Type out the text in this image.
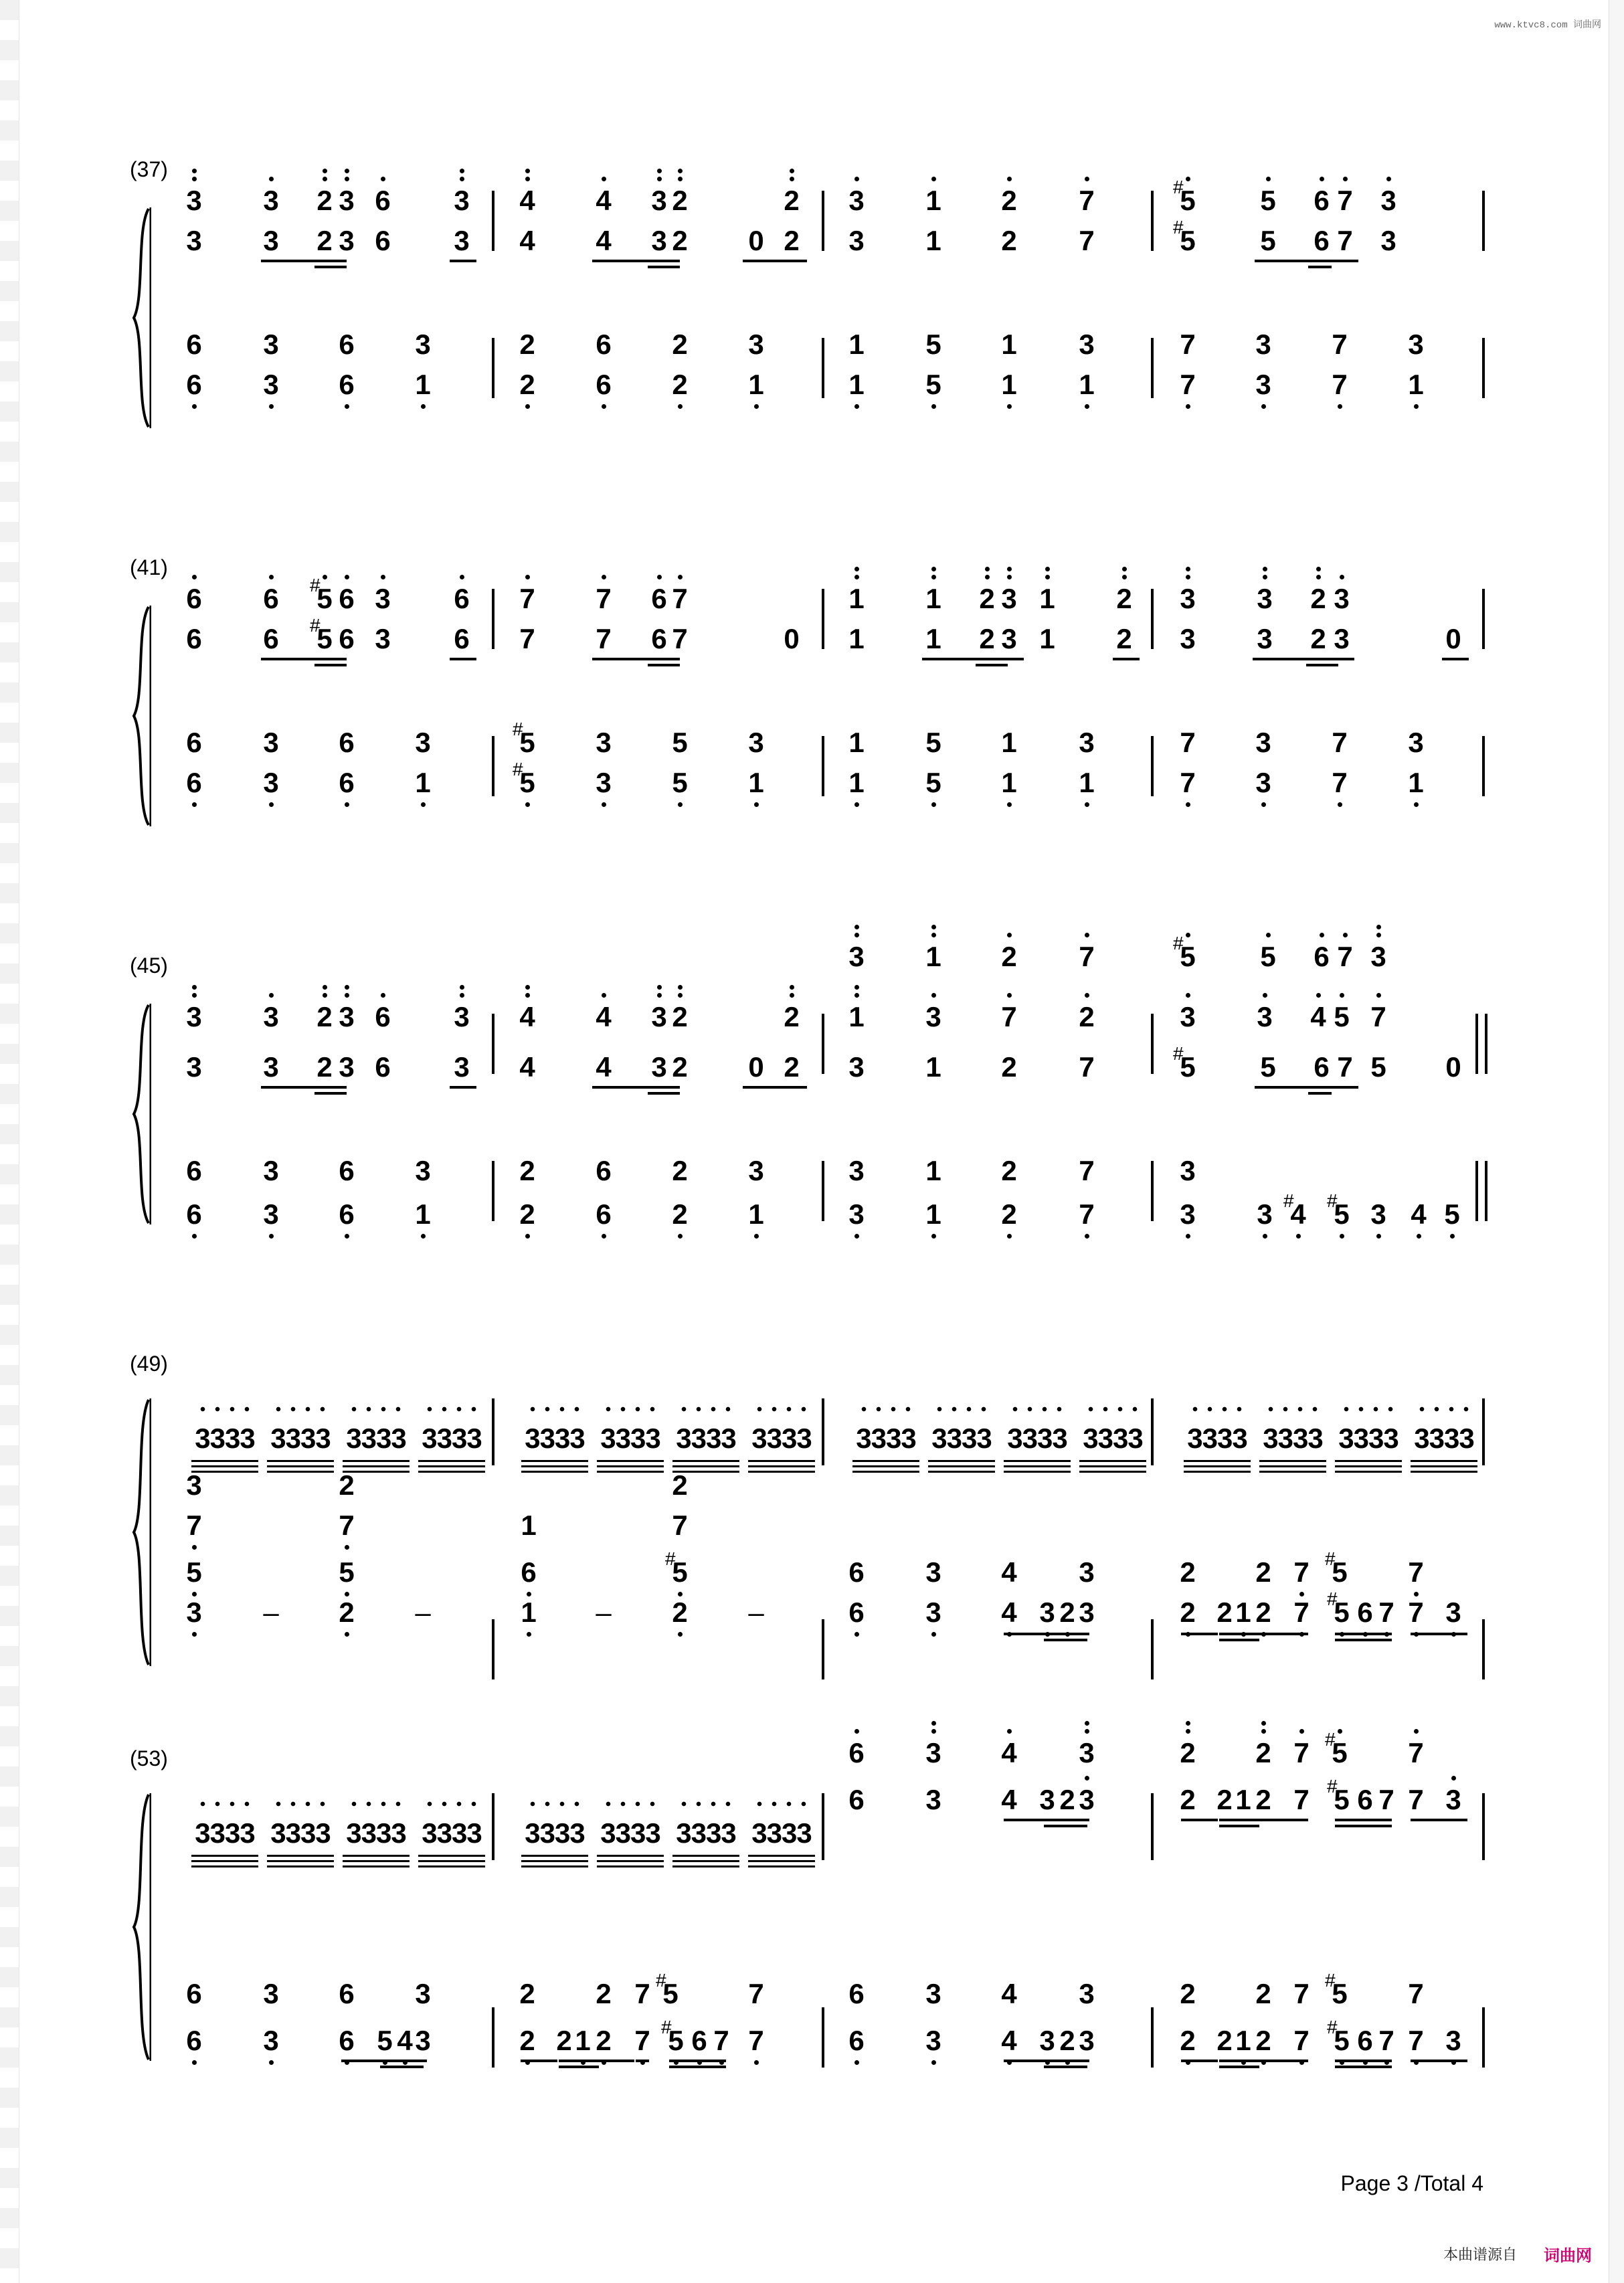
www.ktvc8.com 词曲网
(37)
3 3 2 3 6 3 4 4 3 2	2 3 1 2 7	5
#	5 6 7 3
3 3 2 3 6 3 4 4 3 2 0 2 3 1 2 7	5
#	5 6 7 3
6 3 6 3	2 6 2 3	1 5 1 3	7 3 7 3
6 3 6 1	2 6 2 1	1 5 1 1	7 3 7 1
(41)
6 6 5
# 6 3 6 7 7 6 7	1 1 2 3 1 2 3 3 2 3
6 6 5
# 6 3 6 7 7 6 7	0 1 1 2 3 1 2 3 3 2 3	0
6 3 6 3	5
#	3 5 3	1 5 1 3	7 3 7 3
6 3 6 1	5
#	3 5 1	1 5 1 1	7 3 7 1
(45)	3 1 2 7	5
#	5 6 7 3
3 3 2 3 6 3 4 4 3 2	2 1 3 7 2	3 3 4 5 7
3 3 2 3 6 3 4 4 3 2 0 2 3 1 2 7	5
#	5 6 7 5 0
6 3 6 3	2 6 2 3	3 1 2 7	3
6 3 6 1	2 6 2 1	3 1 2 7	3 3 4
# 5
# 3 4 5
(49)
3333 3333 3333 3333 3333 3333 3333 3333 3333 3333 3333 3333 3333 3333 3333 3333
3
7
5
3
2
7
5
2
1
6
1
2
7
5
#
2
–
–	–	–
6 3 4 3
6 3 4 3 2 3
2 2 7 5
#	7
2 2 1 2 7 5
# 6 7 7 3
(53)
3333 3333 3333 3333 3333 3333 3333 3333
6 3 4 3	2 2 7 5
#	7
6 3 4 3 2 3	2 2 1 2 7 5
# 6 7 7 3
6 3 6 3	2 2 7 5
#	7	6 3 4 3	2 2 7 5
#	7
6 3 6 5 4 3	2 2 1 2 7 5
# 6 7 7	6 3 4 3 2 3	2 2 1 2 7 5
# 6 7 7 3
Page 3 /Total 4
本曲谱源自 词曲网
